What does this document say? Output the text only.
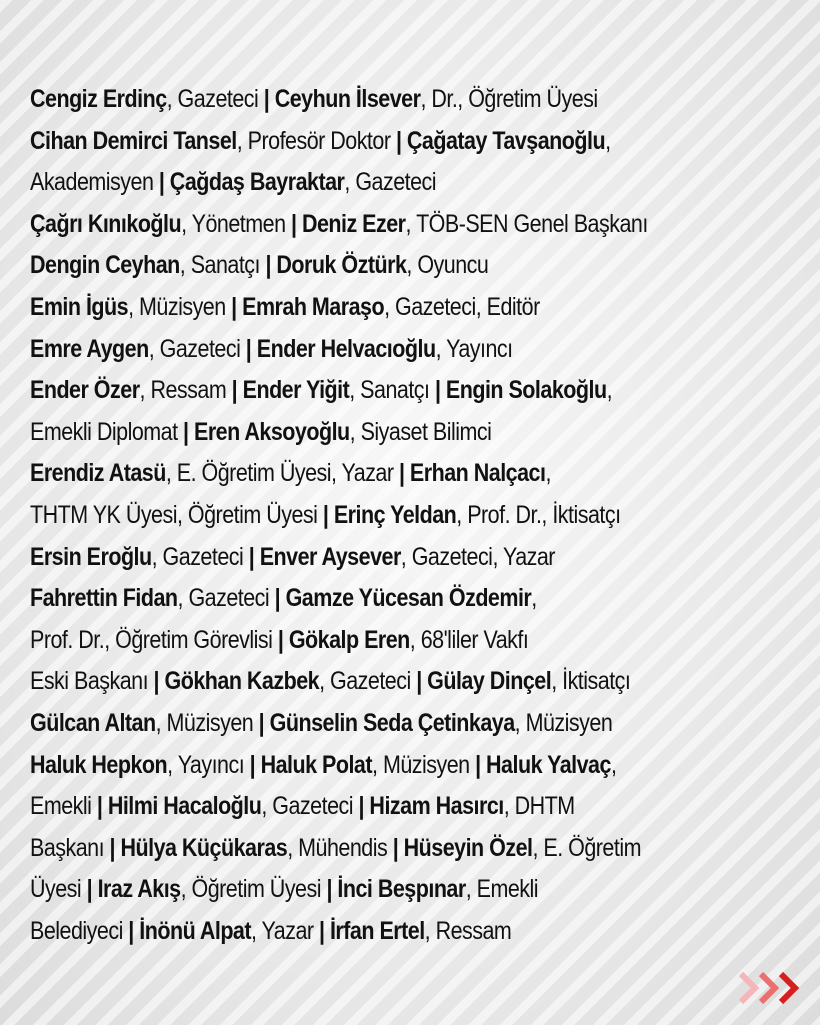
Cengiz Erdinç, Gazeteci | Ceyhun İlsever, Dr., Öğretim Üyesi
Cihan Demirci Tansel, Profesör Doktor | Çağatay Tavşanoğlu,
Akademisyen | Çağdaş Bayraktar, Gazeteci
Çağrı Kınıkoğlu, Yönetmen | Deniz Ezer, TÖB-SEN Genel Başkanı
Dengin Ceyhan, Sanatçı | Doruk Öztürk, Oyuncu
Emin İgüs, Müzisyen | Emrah Maraşo, Gazeteci, Editör
Emre Aygen, Gazeteci | Ender Helvacıoğlu, Yayıncı
Ender Özer, Ressam | Ender Yiğit, Sanatçı | Engin Solakoğlu,
Emekli Diplomat | Eren Aksoyoğlu, Siyaset Bilimci
Erendiz Atasü, E. Öğretim Üyesi, Yazar | Erhan Nalçacı,
THTM YK Üyesi, Öğretim Üyesi | Erinç Yeldan, Prof. Dr., İktisatçı
Ersin Eroğlu, Gazeteci | Enver Aysever, Gazeteci, Yazar
Fahrettin Fidan, Gazeteci | Gamze Yücesan Özdemir,
Prof. Dr., Öğretim Görevlisi | Gökalp Eren, 68'liler Vakfı
Eski Başkanı | Gökhan Kazbek, Gazeteci | Gülay Dinçel, İktisatçı
Gülcan Altan, Müzisyen | Günselin Seda Çetinkaya, Müzisyen
Haluk Hepkon, Yayıncı | Haluk Polat, Müzisyen | Haluk Yalvaç,
Emekli | Hilmi Hacaloğlu, Gazeteci | Hizam Hasırcı, DHTM
Başkanı | Hülya Küçükaras, Mühendis | Hüseyin Özel, E. Öğretim
Üyesi | Iraz Akış, Öğretim Üyesi | İnci Beşpınar, Emekli
Belediyeci | İnönü Alpat, Yazar | İrfan Ertel, Ressam
